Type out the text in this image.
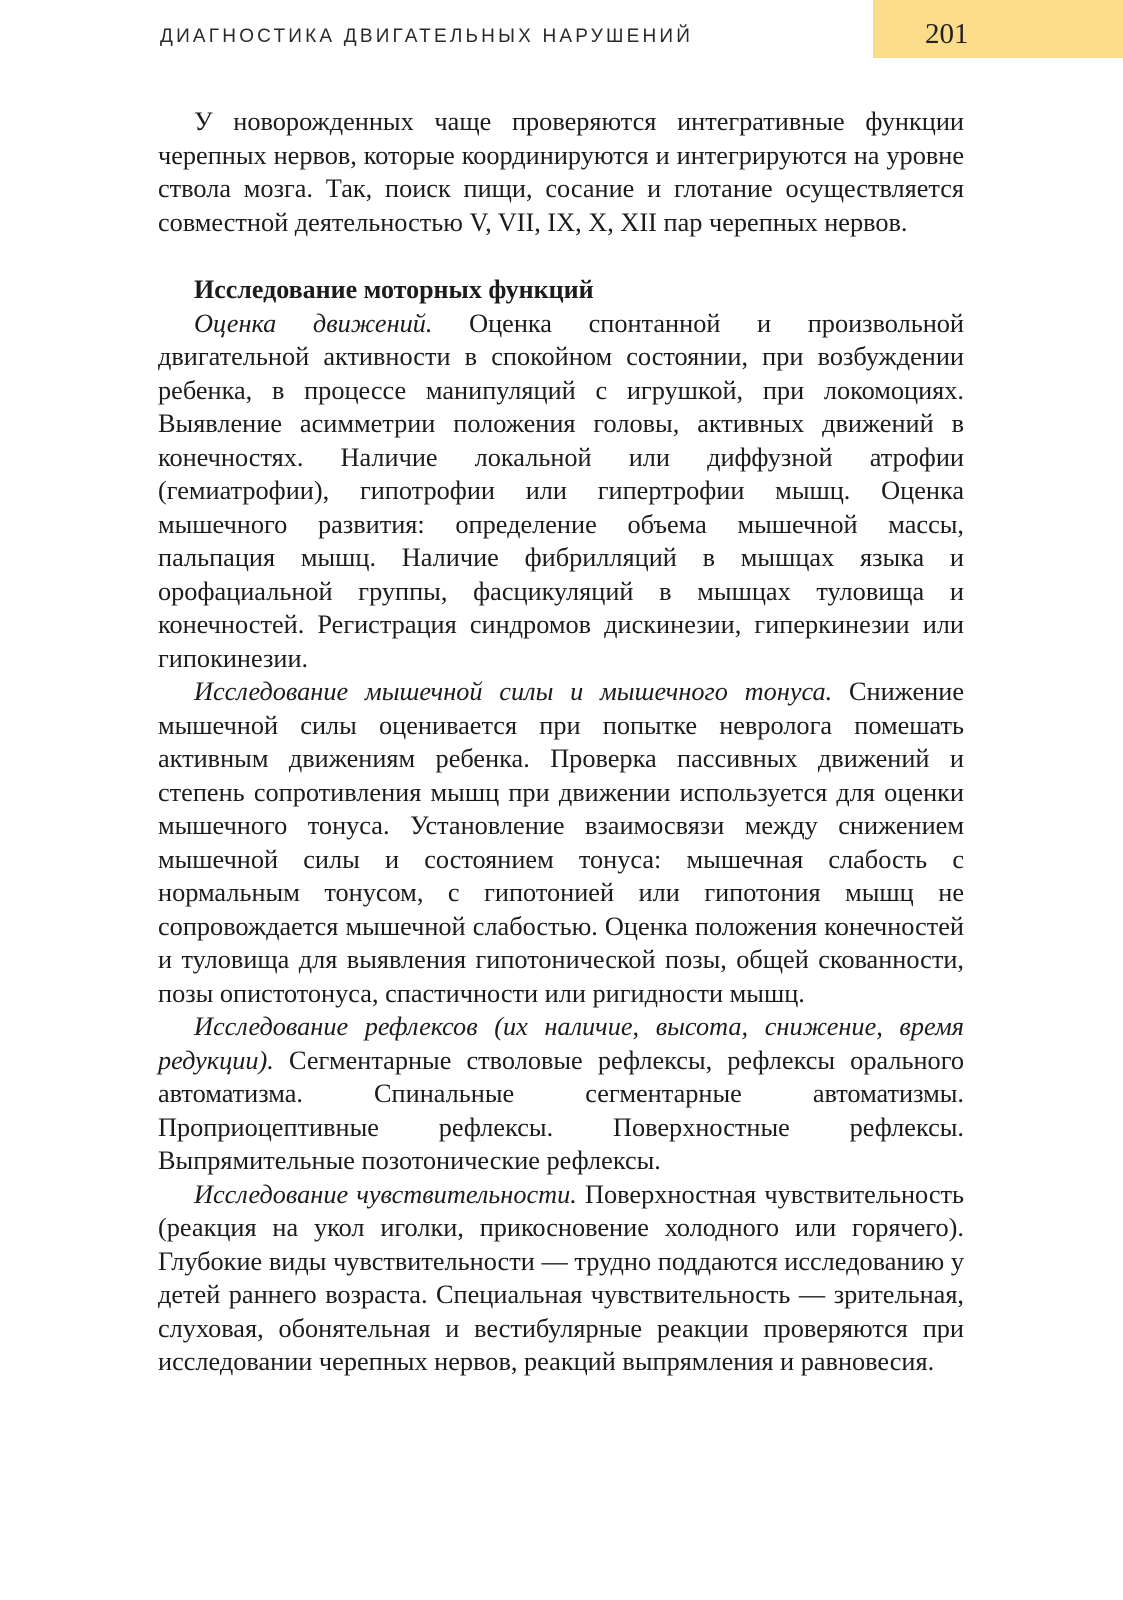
ДИАГНОСТИКА ДВИГАТЕЛЬНЫХ НАРУШЕНИЙ	201

У новорожденных чаще проверяются интегративные функции черепных нервов, которые координируются и интегрируются на уровне ствола мозга. Так, поиск пищи, сосание и глотание осуществляется совместной деятельностью V, VII, IX, X, XII пар черепных нервов.

Исследование моторных функций

Оценка движений. Оценка спонтанной и произвольной двигательной активности в спокойном состоянии, при возбуждении ребенка, в процессе манипуляций с игрушкой, при локомоциях. Выявление асимметрии положения головы, активных движений в конечностях. Наличие локальной или диффузной атрофии (гемиатрофии), гипотрофии или гипертрофии мышц. Оценка мышечного развития: определение объема мышечной массы, пальпация мышц. Наличие фибрилляций в мышцах языка и орофациальной группы, фасцикуляций в мышцах туловища и конечностей. Регистрация синдромов дискинезии, гиперкинезии или гипокинезии.

Исследование мышечной силы и мышечного тонуса. Снижение мышечной силы оценивается при попытке невролога помешать активным движениям ребенка. Проверка пассивных движений и степень сопротивления мышц при движении используется для оценки мышечного тонуса. Установление взаимосвязи между снижением мышечной силы и состоянием тонуса: мышечная слабость с нормальным тонусом, с гипотонией или гипотония мышц не сопровождается мышечной слабостью. Оценка положения конечностей и туловища для выявления гипотонической позы, общей скованности, позы опистотонуса, спастичности или ригидности мышц.

Исследование рефлексов (их наличие, высота, снижение, время редукции). Сегментарные стволовые рефлексы, рефлексы орального автоматизма. Спинальные сегментарные автоматизмы. Проприоцептивные рефлексы. Поверхностные рефлексы. Выпрямительные позотонические рефлексы.

Исследование чувствительности. Поверхностная чувствительность (реакция на укол иголки, прикосновение холодного или горячего). Глубокие виды чувствительности — трудно поддаются исследованию у детей раннего возраста. Специальная чувствительность — зрительная, слуховая, обонятельная и вестибулярные реакции проверяются при исследовании черепных нервов, реакций выпрямления и равновесия.
